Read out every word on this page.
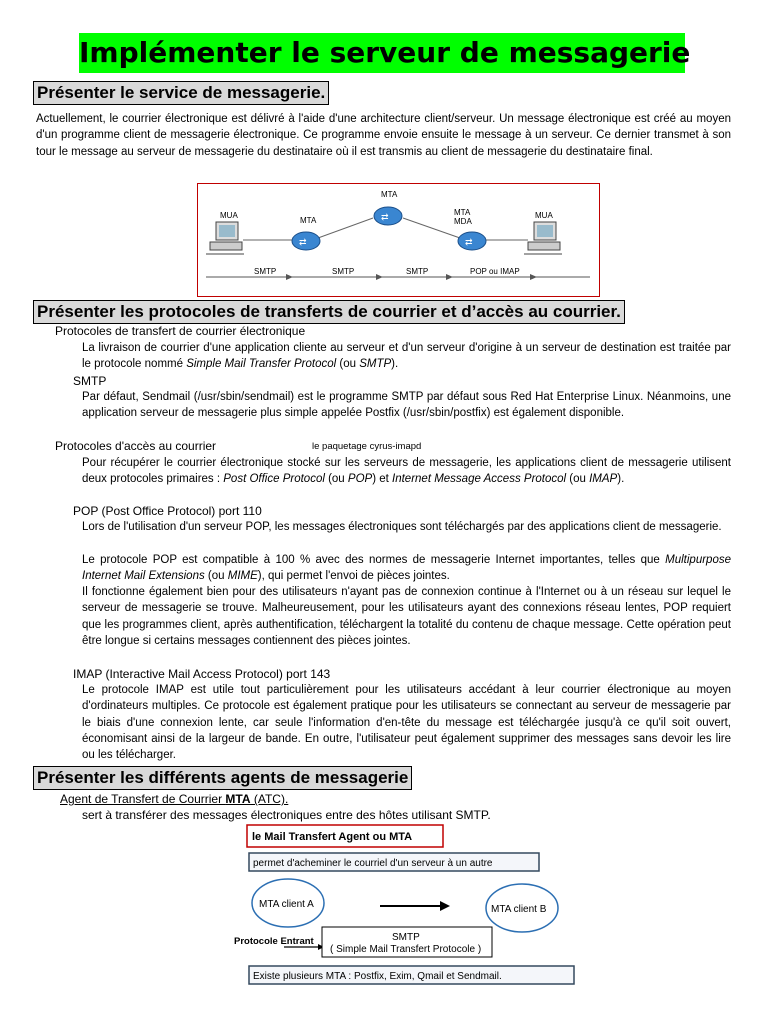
Implémenter le serveur de messagerie
Présenter le service de messagerie.
Actuellement, le courrier électronique est délivré à l'aide d'une architecture client/serveur. Un message électronique est créé au moyen d'un programme client de messagerie électronique. Ce programme envoie ensuite le message à un serveur. Ce dernier transmet à son tour le message au serveur de messagerie du destinataire où il est transmis au client de messagerie du destinataire final.
⇄
⇄
⇄
MUA
MTA
MTA
MTA
MDA
MUA
SMTP	SMTP	SMTP	POP ou IMAP
Présenter les protocoles de transferts de courrier et d’accès au courrier.
Protocoles de transfert de courrier électronique
La livraison de courrier d'une application cliente au serveur et d'un serveur d'origine à un serveur de destination est traitée par le protocole nommé Simple Mail Transfer Protocol (ou SMTP).
SMTP
Par défaut, Sendmail (/usr/sbin/sendmail) est le programme SMTP par défaut sous Red Hat Enterprise Linux. Néanmoins, une application serveur de messagerie plus simple appelée Postfix (/usr/sbin/postfix) est également disponible.
Protocoles d'accès au courrier	le paquetage cyrus-imapd
Pour récupérer le courrier électronique stocké sur les serveurs de messagerie, les applications client de messagerie utilisent deux protocoles primaires : Post Office Protocol (ou POP) et Internet Message Access Protocol (ou IMAP).
POP (Post Office Protocol) port 110
Lors de l'utilisation d'un serveur POP, les messages électroniques sont téléchargés par des applications client de messagerie.
Le protocole POP est compatible à 100 % avec des normes de messagerie Internet importantes, telles que Multipurpose Internet Mail Extensions (ou MIME), qui permet l'envoi de pièces jointes.
Il fonctionne également bien pour des utilisateurs n'ayant pas de connexion continue à l'Internet ou à un réseau sur lequel le serveur de messagerie se trouve. Malheureusement, pour les utilisateurs ayant des connexions réseau lentes, POP requiert que les programmes client, après authentification, téléchargent la totalité du contenu de chaque message. Cette opération peut être longue si certains messages contiennent des pièces jointes.
IMAP (Interactive Mail Access Protocol) port 143
Le protocole IMAP est utile tout particulièrement pour les utilisateurs accédant à leur courrier électronique au moyen d'ordinateurs multiples. Ce protocole est également pratique pour les utilisateurs se connectant au serveur de messagerie par le biais d'une connexion lente, car seule l'information d'en-tête du message est téléchargée jusqu'à ce qu'il soit ouvert, économisant ainsi de la largeur de bande. En outre, l'utilisateur peut également supprimer des messages sans devoir les lire ou les télécharger.
Présenter les différents agents de messagerie
Agent de Transfert de Courrier MTA (ATC).
sert à transférer des messages électroniques entre des hôtes utilisant SMTP.
le Mail Transfert Agent ou MTA
permet d'acheminer le courriel d'un serveur à un autre
MTA client A	MTA client B
Protocole Entrant	SMTP
( Simple Mail Transfert Protocole )
Existe plusieurs MTA : Postfix, Exim, Qmail et Sendmail.
